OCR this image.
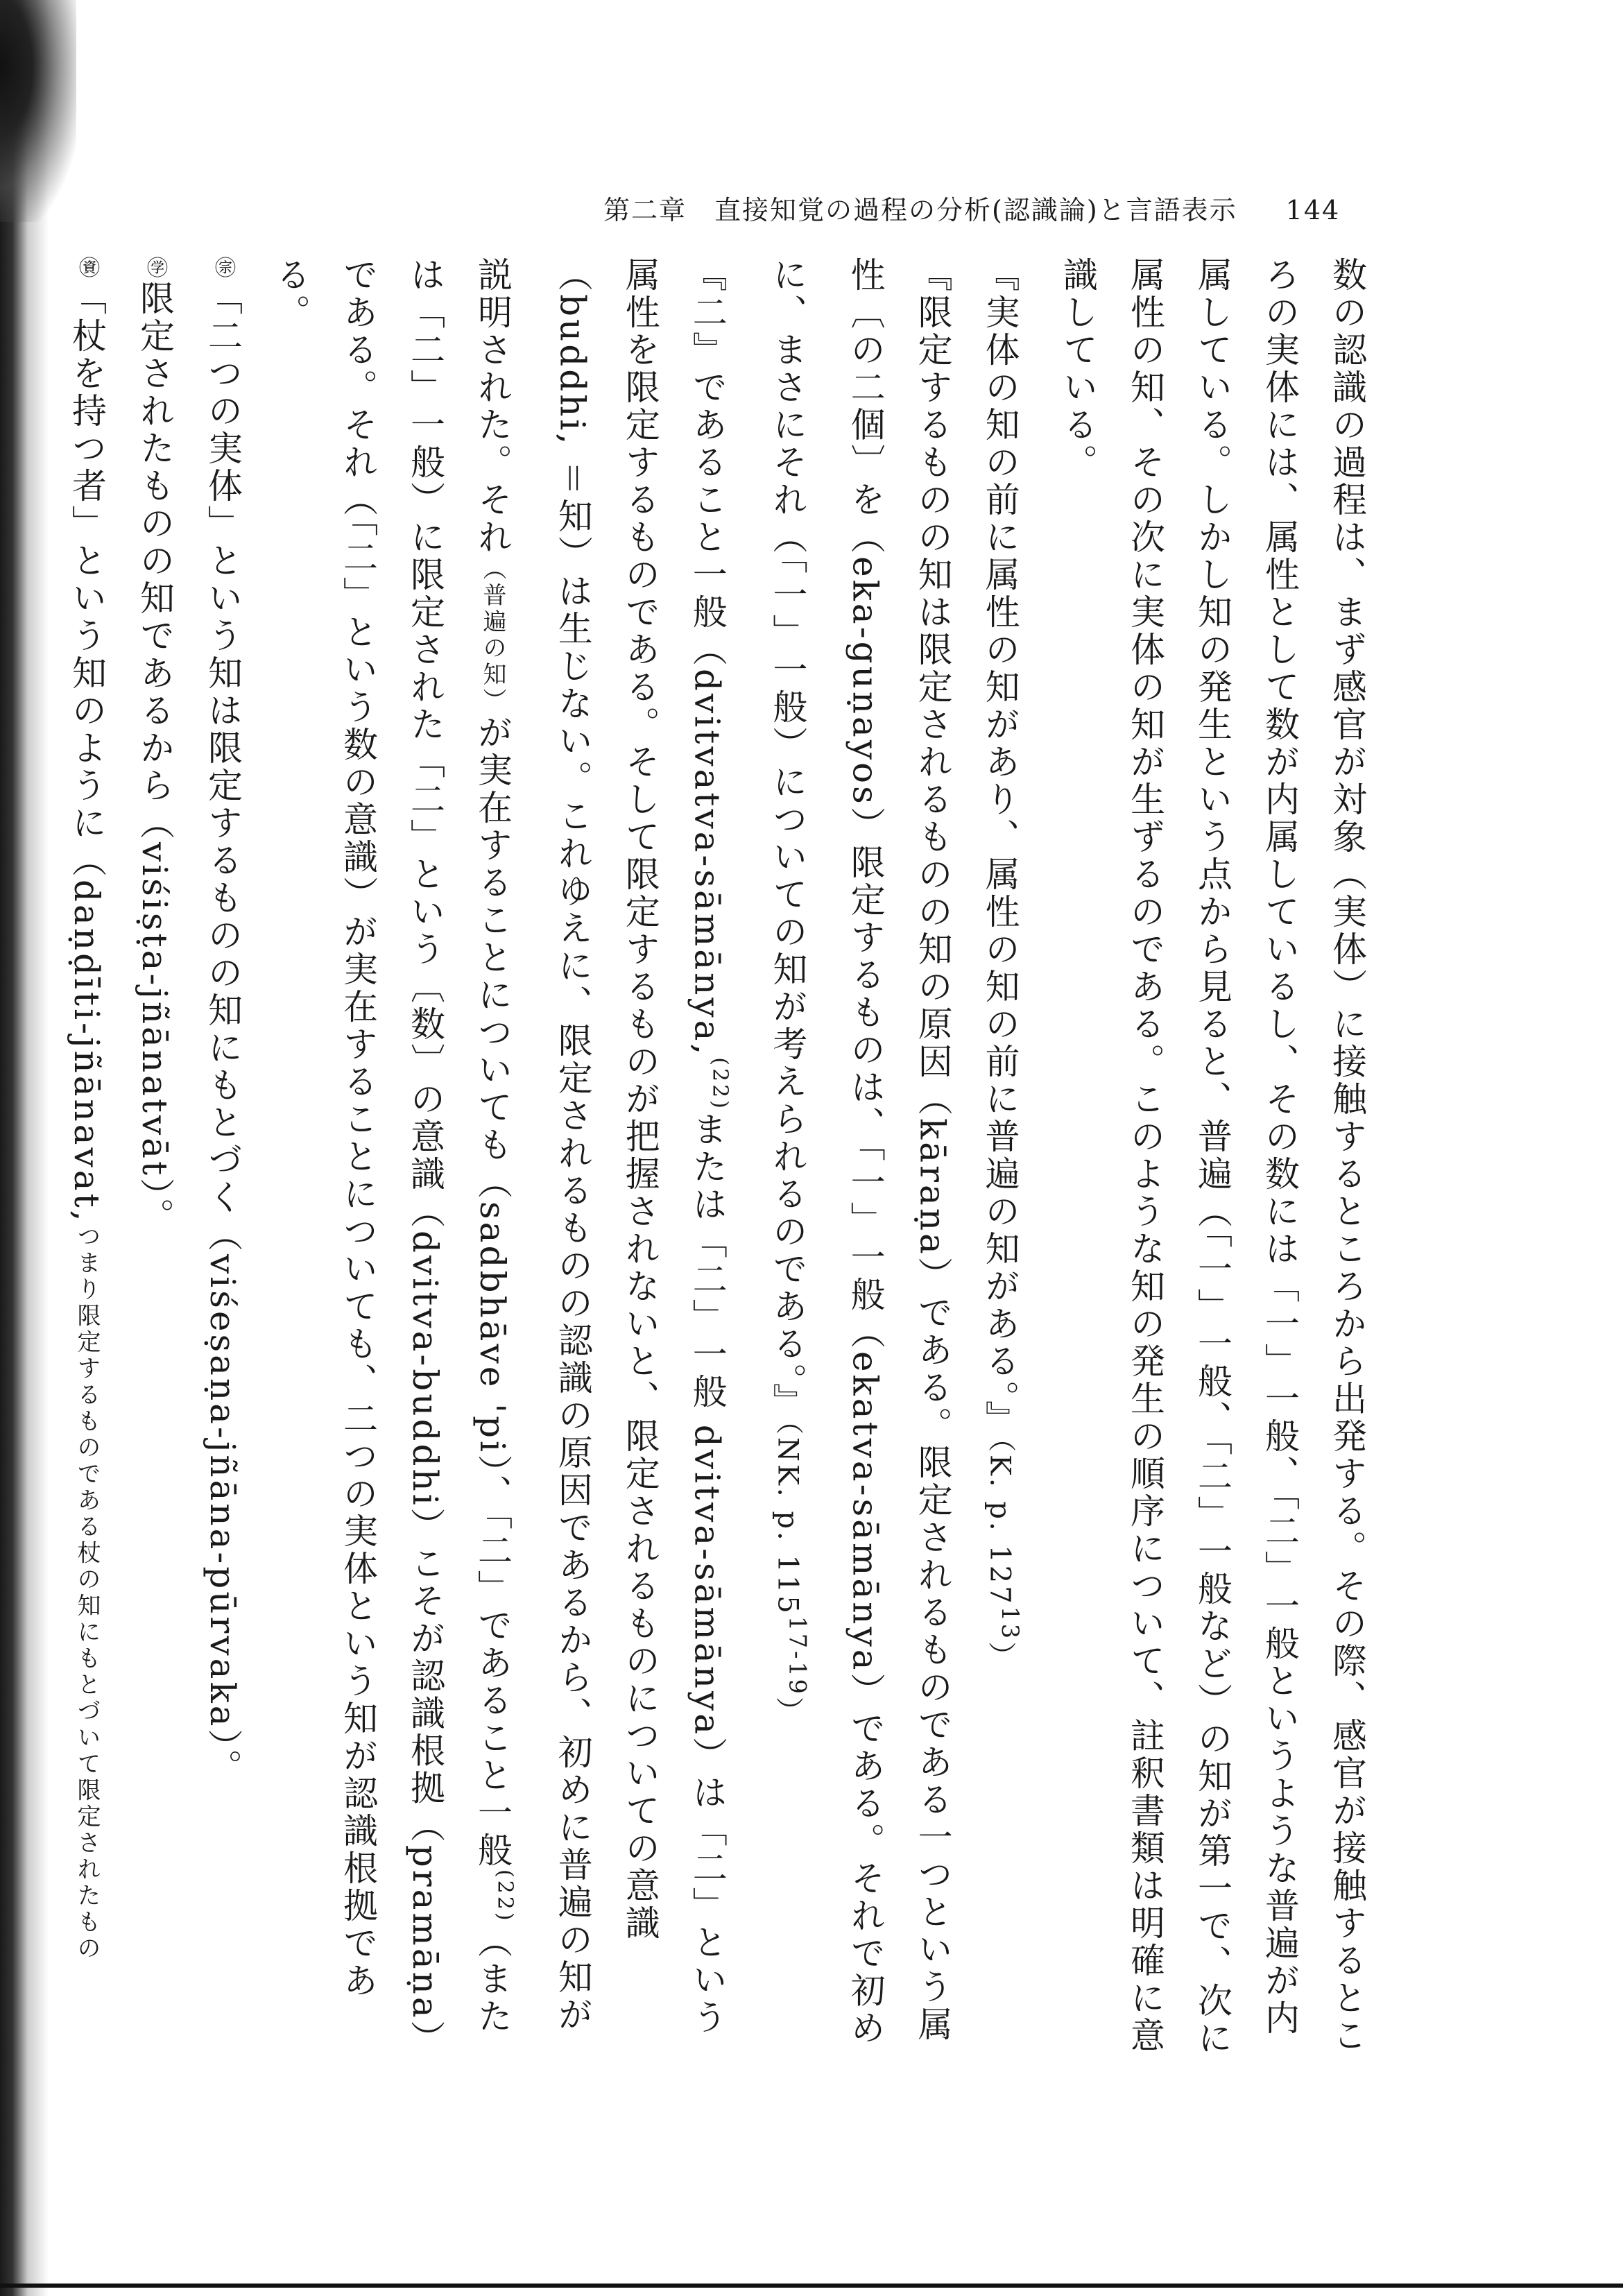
第二章　直接知覚の過程の分析(認識論)と言語表示 144

数の認識の過程は、まず感官が対象（実体）に接触するところから出発する。その際、感官が接触するところの実体には、属性として数が内属しているし、その数には「一」一般、「二」一般というような普遍が内属している。しかし知の発生という点から見ると、普遍（「一」一般、「二」一般など）の知が第一で、次に属性の知、その次に実体の知が生ずるのである。このような知の発生の順序について、註釈書類は明確に意識している。

『実体の知の前に属性の知があり、属性の知の前に普遍の知がある。』（K. p. $127^{13}$）

『限定するものの知は限定されるものの知の原因（kāraṇa）である。限定されるものである一つという属性〔の二個〕を（eka-guṇayos）限定するものは、「一」一般（ekatva-sāmānya）である。それで初めに、まさにそれ（「一」一般）についての知が考えられるのである。』（NK. p. 115$^{17-19}$）

『二』であること一般（dvitvatva-sāmānya,$^{(22)}$または「二」一般 dvitva-sāmānya）は「二」という属性を限定するものである。そして限定するものが把握されないと、限定されるものについての意識（buddhi, ＝知）は生じない。これゆえに、限定されるものの認識の原因であるから、初めに普遍の知が説明された。それ（普遍の知）が実在することについても（sadbhāve 'pi）、「二」であること一般$^{(22)}$（または「二」一般）に限定された「二」という〔数〕の意識（dvitva-buddhi）こそが認識根拠（pramāṇa）である。それ（「二」という数の意識）が実在することについても、二つの実体という知が認識根拠である。

㊪「二つの実体」という知は限定するものの知にもとづく（viśeṣaṇa-jñāna-pūrvaka）。

㊫限定されたものの知であるから（viśiṣṭa-jñānatvāt）。

㊮「杖を持つ者」という知のように（daṇḍīti-jñānavat,つまり限定するものである杖の知にもとづいて限定されたもの
